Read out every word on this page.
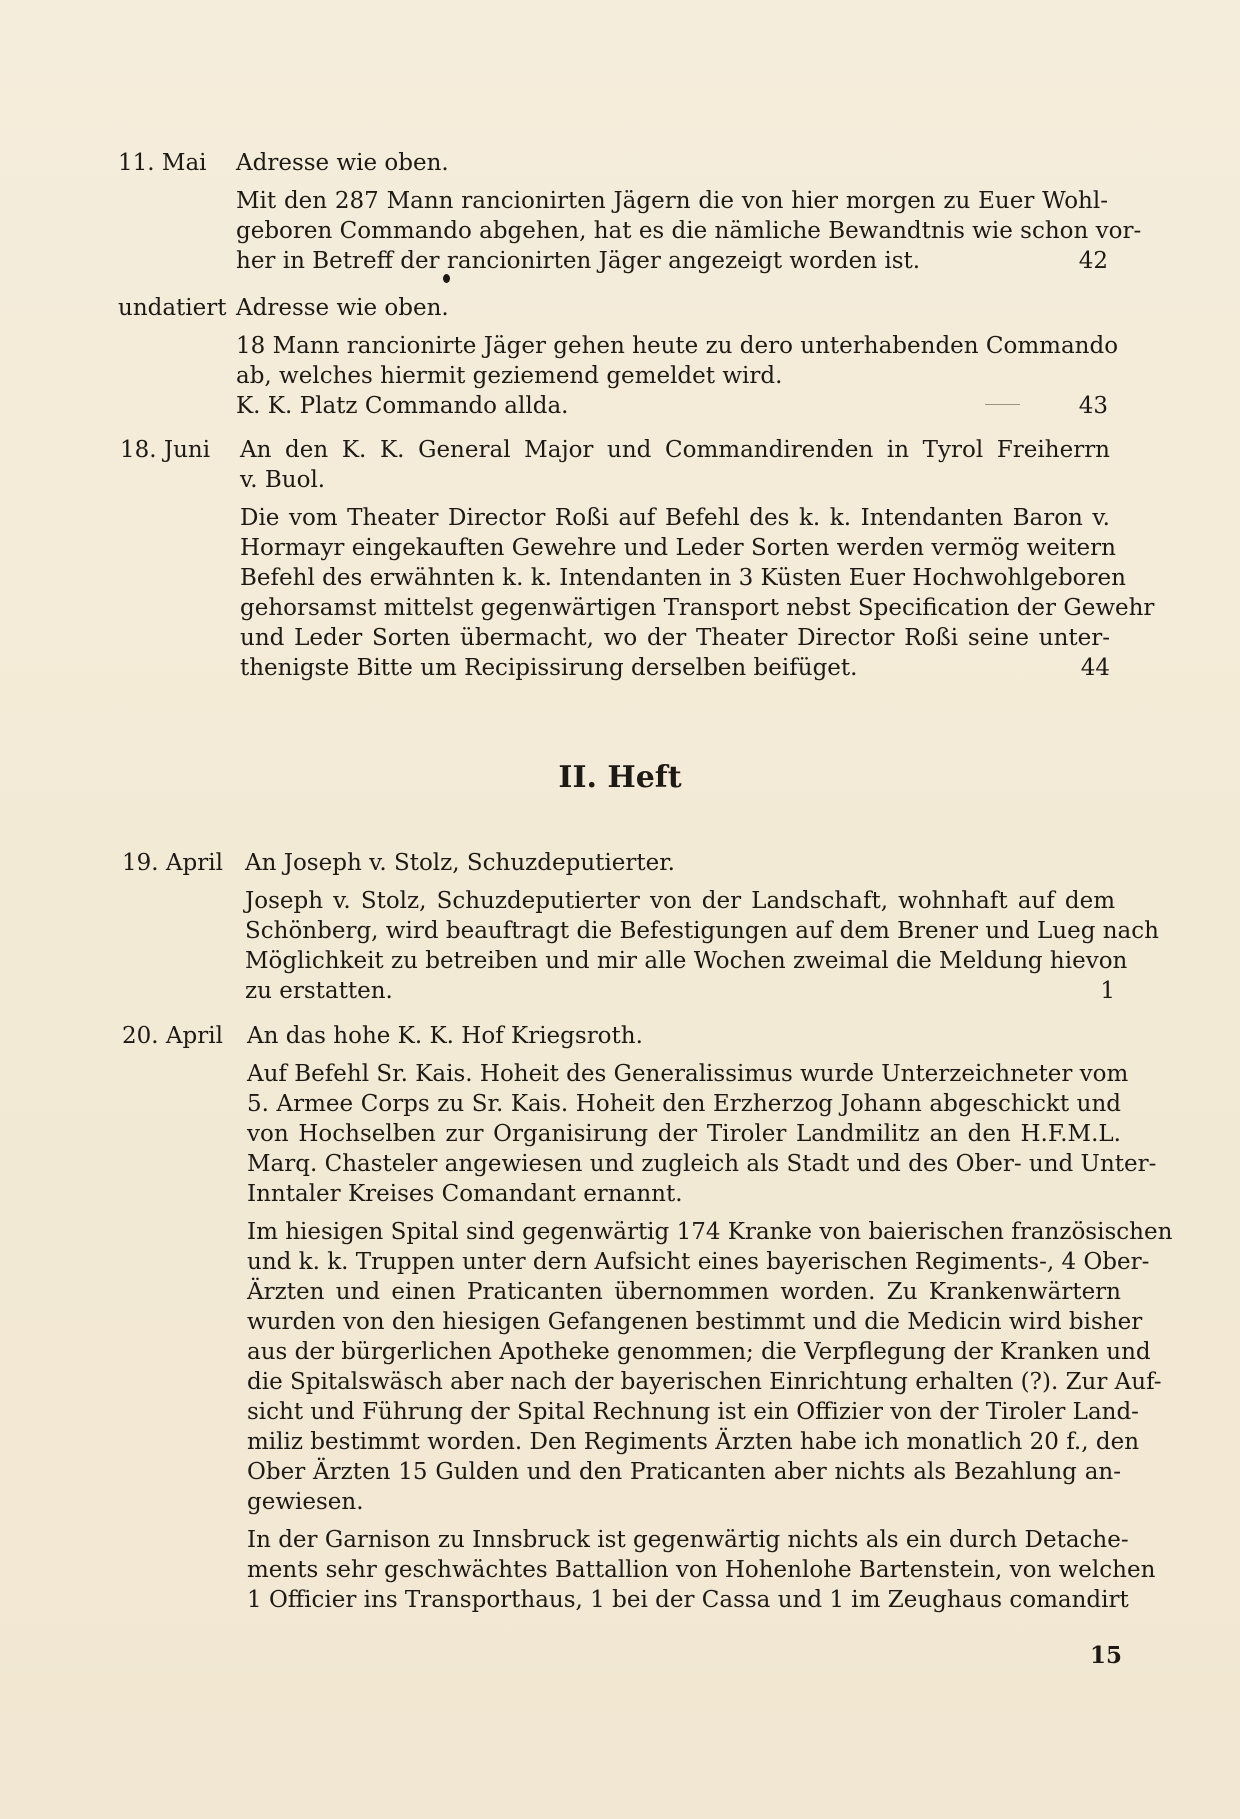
11. Mai Adresse wie oben.
Mit den 287 Mann rancionirten Jägern die von hier morgen zu Euer Wohl-
geboren Commando abgehen, hat es die nämliche Bewandtnis wie schon vor-
her in Betreff der rancionirten Jäger angezeigt worden ist.	42
undatiert Adresse wie oben.
18 Mann rancionirte Jäger gehen heute zu dero unterhabenden Commando
ab, welches hiermit geziemend gemeldet wird.
K. K. Platz Commando allda.	43
18. Juni An den K. K. General Major und Commandirenden in Tyrol Freiherrn
v. Buol.
Die vom Theater Director Roßi auf Befehl des k. k. Intendanten Baron v.
Hormayr eingekauften Gewehre und Leder Sorten werden vermög weitern
Befehl des erwähnten k. k. Intendanten in 3 Küsten Euer Hochwohlgeboren
gehorsamst mittelst gegenwärtigen Transport nebst Specification der Gewehr
und Leder Sorten übermacht, wo der Theater Director Roßi seine unter-
thenigste Bitte um Recipissirung derselben beifüget.	44
II. Heft
19. April An Joseph v. Stolz, Schuzdeputierter.
Joseph v. Stolz, Schuzdeputierter von der Landschaft, wohnhaft auf dem
Schönberg, wird beauftragt die Befestigungen auf dem Brener und Lueg nach
Möglichkeit zu betreiben und mir alle Wochen zweimal die Meldung hievon
zu erstatten.	1
20. April An das hohe K. K. Hof Kriegsroth.
Auf Befehl Sr. Kais. Hoheit des Generalissimus wurde Unterzeichneter vom
5. Armee Corps zu Sr. Kais. Hoheit den Erzherzog Johann abgeschickt und
von Hochselben zur Organisirung der Tiroler Landmilitz an den H.F.M.L.
Marq. Chasteler angewiesen und zugleich als Stadt und des Ober- und Unter-
Inntaler Kreises Comandant ernannt.
Im hiesigen Spital sind gegenwärtig 174 Kranke von baierischen französischen
und k. k. Truppen unter dern Aufsicht eines bayerischen Regiments-, 4 Ober-
Ärzten und einen Praticanten übernommen worden. Zu Krankenwärtern
wurden von den hiesigen Gefangenen bestimmt und die Medicin wird bisher
aus der bürgerlichen Apotheke genommen; die Verpflegung der Kranken und
die Spitalswäsch aber nach der bayerischen Einrichtung erhalten (?). Zur Auf-
sicht und Führung der Spital Rechnung ist ein Offizier von der Tiroler Land-
miliz bestimmt worden. Den Regiments Ärzten habe ich monatlich 20 f., den
Ober Ärzten 15 Gulden und den Praticanten aber nichts als Bezahlung an-
gewiesen.
In der Garnison zu Innsbruck ist gegenwärtig nichts als ein durch Detache-
ments sehr geschwächtes Battallion von Hohenlohe Bartenstein, von welchen
1 Officier ins Transporthaus, 1 bei der Cassa und 1 im Zeughaus comandirt
15
